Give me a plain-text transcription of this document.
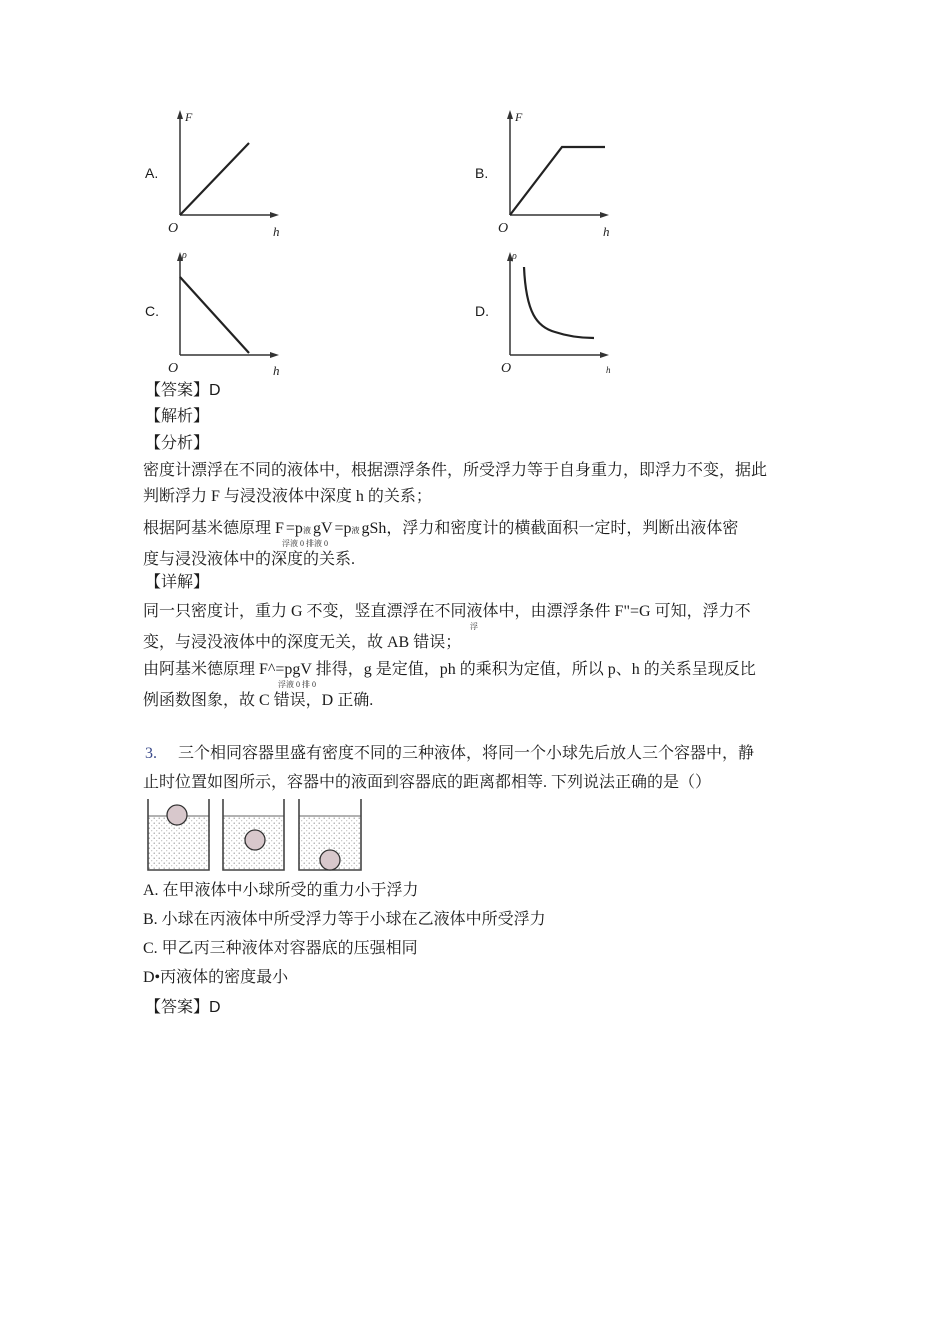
A.	B.
C.	D.
F
O	h
F
O	h
ρ
O	h
ρ
O	h
【答案】D
【解析】
【分析】
密度计漂浮在不同的液体中，根据漂浮条件，所受浮力等于自身重力，即浮力不变，据此
判断浮力 F 与浸没液体中深度 h 的关系；
根据阿基米德原理 F =p液 gV =p液 gSh，浮力和密度计的横截面积一定时，判断出液体密
浮液 0 排液 0
度与浸没液体中的深度的关系.
【详解】
同一只密度计，重力 G 不变，竖直漂浮在不同液体中，由漂浮条件 F"=G 可知，浮力不
浮
变，与浸没液体中的深度无关，故 AB 错误；
由阿基米德原理 F^=pgV 排得，g 是定值，ph 的乘积为定值，所以 p、h 的关系呈现反比
浮液 0 排 0
例函数图象，故 C 错误，D 正确.
3. 三个相同容器里盛有密度不同的三种液体，将同一个小球先后放人三个容器中，静
止时位置如图所示，容器中的液面到容器底的距离都相等. 下列说法正确的是（）
A. 在甲液体中小球所受的重力小于浮力
B. 小球在丙液体中所受浮力等于小球在乙液体中所受浮力
C. 甲乙丙三种液体对容器底的压强相同
D•丙液体的密度最小
【答案】D
